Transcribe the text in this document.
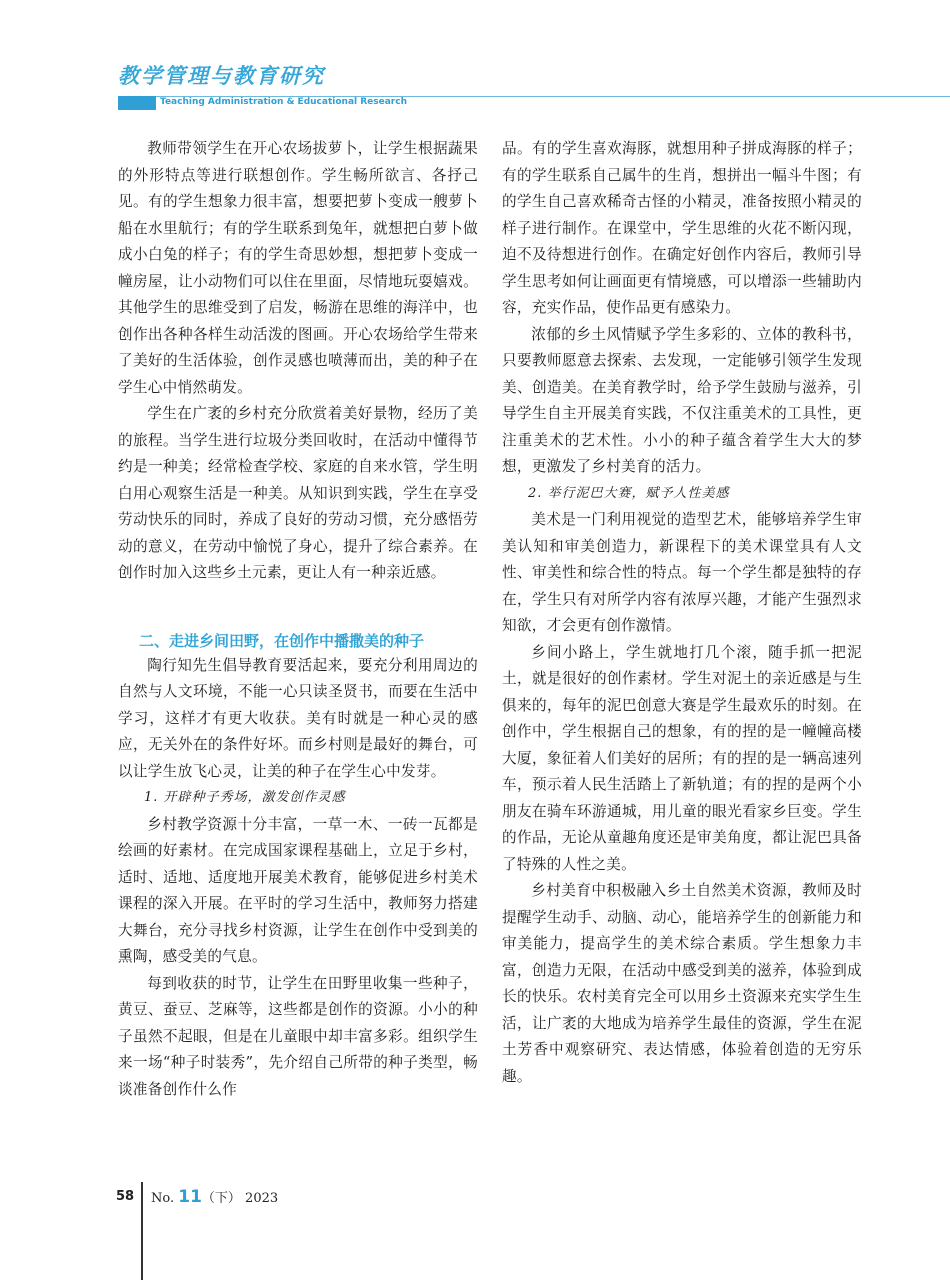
教学管理与教育研究
Teaching Administration & Educational Research

教师带领学生在开心农场拔萝卜，让学生根据蔬果的外形特点等进行联想创作。学生畅所欲言、各抒己见。有的学生想象力很丰富，想要把萝卜变成一艘萝卜船在水里航行；有的学生联系到兔年，就想把白萝卜做成小白兔的样子；有的学生奇思妙想，想把萝卜变成一幢房屋，让小动物们可以住在里面，尽情地玩耍嬉戏。其他学生的思维受到了启发，畅游在思维的海洋中，也创作出各种各样生动活泼的图画。开心农场给学生带来了美好的生活体验，创作灵感也喷薄而出，美的种子在学生心中悄然萌发。

学生在广袤的乡村充分欣赏着美好景物，经历了美的旅程。当学生进行垃圾分类回收时，在活动中懂得节约是一种美；经常检查学校、家庭的自来水管，学生明白用心观察生活是一种美。从知识到实践，学生在享受劳动快乐的同时，养成了良好的劳动习惯，充分感悟劳动的意义，在劳动中愉悦了身心，提升了综合素养。在创作时加入这些乡土元素，更让人有一种亲近感。

二、走进乡间田野，在创作中播撒美的种子

陶行知先生倡导教育要活起来，要充分利用周边的自然与人文环境，不能一心只读圣贤书，而要在生活中学习，这样才有更大收获。美有时就是一种心灵的感应，无关外在的条件好坏。而乡村则是最好的舞台，可以让学生放飞心灵，让美的种子在学生心中发芽。

1. 开辟种子秀场，激发创作灵感

乡村教学资源十分丰富，一草一木、一砖一瓦都是绘画的好素材。在完成国家课程基础上，立足于乡村，适时、适地、适度地开展美术教育，能够促进乡村美术课程的深入开展。在平时的学习生活中，教师努力搭建大舞台，充分寻找乡村资源，让学生在创作中受到美的熏陶，感受美的气息。

每到收获的时节，让学生在田野里收集一些种子，黄豆、蚕豆、芝麻等，这些都是创作的资源。小小的种子虽然不起眼，但是在儿童眼中却丰富多彩。组织学生来一场“种子时装秀”，先介绍自己所带的种子类型，畅谈准备创作什么作

品。有的学生喜欢海豚，就想用种子拼成海豚的样子；有的学生联系自己属牛的生肖，想拼出一幅斗牛图；有的学生自己喜欢稀奇古怪的小精灵，准备按照小精灵的样子进行制作。在课堂中，学生思维的火花不断闪现，迫不及待想进行创作。在确定好创作内容后，教师引导学生思考如何让画面更有情境感，可以增添一些辅助内容，充实作品，使作品更有感染力。

浓郁的乡土风情赋予学生多彩的、立体的教科书，只要教师愿意去探索、去发现，一定能够引领学生发现美、创造美。在美育教学时，给予学生鼓励与滋养，引导学生自主开展美育实践，不仅注重美术的工具性，更注重美术的艺术性。小小的种子蕴含着学生大大的梦想，更激发了乡村美育的活力。

2. 举行泥巴大赛，赋予人性美感

美术是一门利用视觉的造型艺术，能够培养学生审美认知和审美创造力，新课程下的美术课堂具有人文性、审美性和综合性的特点。每一个学生都是独特的存在，学生只有对所学内容有浓厚兴趣，才能产生强烈求知欲，才会更有创作激情。

乡间小路上，学生就地打几个滚，随手抓一把泥土，就是很好的创作素材。学生对泥土的亲近感是与生俱来的，每年的泥巴创意大赛是学生最欢乐的时刻。在创作中，学生根据自己的想象，有的捏的是一幢幢高楼大厦，象征着人们美好的居所；有的捏的是一辆高速列车，预示着人民生活踏上了新轨道；有的捏的是两个小朋友在骑车环游通城，用儿童的眼光看家乡巨变。学生的作品，无论从童趣角度还是审美角度，都让泥巴具备了特殊的人性之美。

乡村美育中积极融入乡土自然美术资源，教师及时提醒学生动手、动脑、动心，能培养学生的创新能力和审美能力，提高学生的美术综合素质。学生想象力丰富，创造力无限，在活动中感受到美的滋养，体验到成长的快乐。农村美育完全可以用乡土资源来充实学生生活，让广袤的大地成为培养学生最佳的资源，学生在泥土芳香中观察研究、表达情感，体验着创造的无穷乐趣。

58 No. 11（下） 2023
